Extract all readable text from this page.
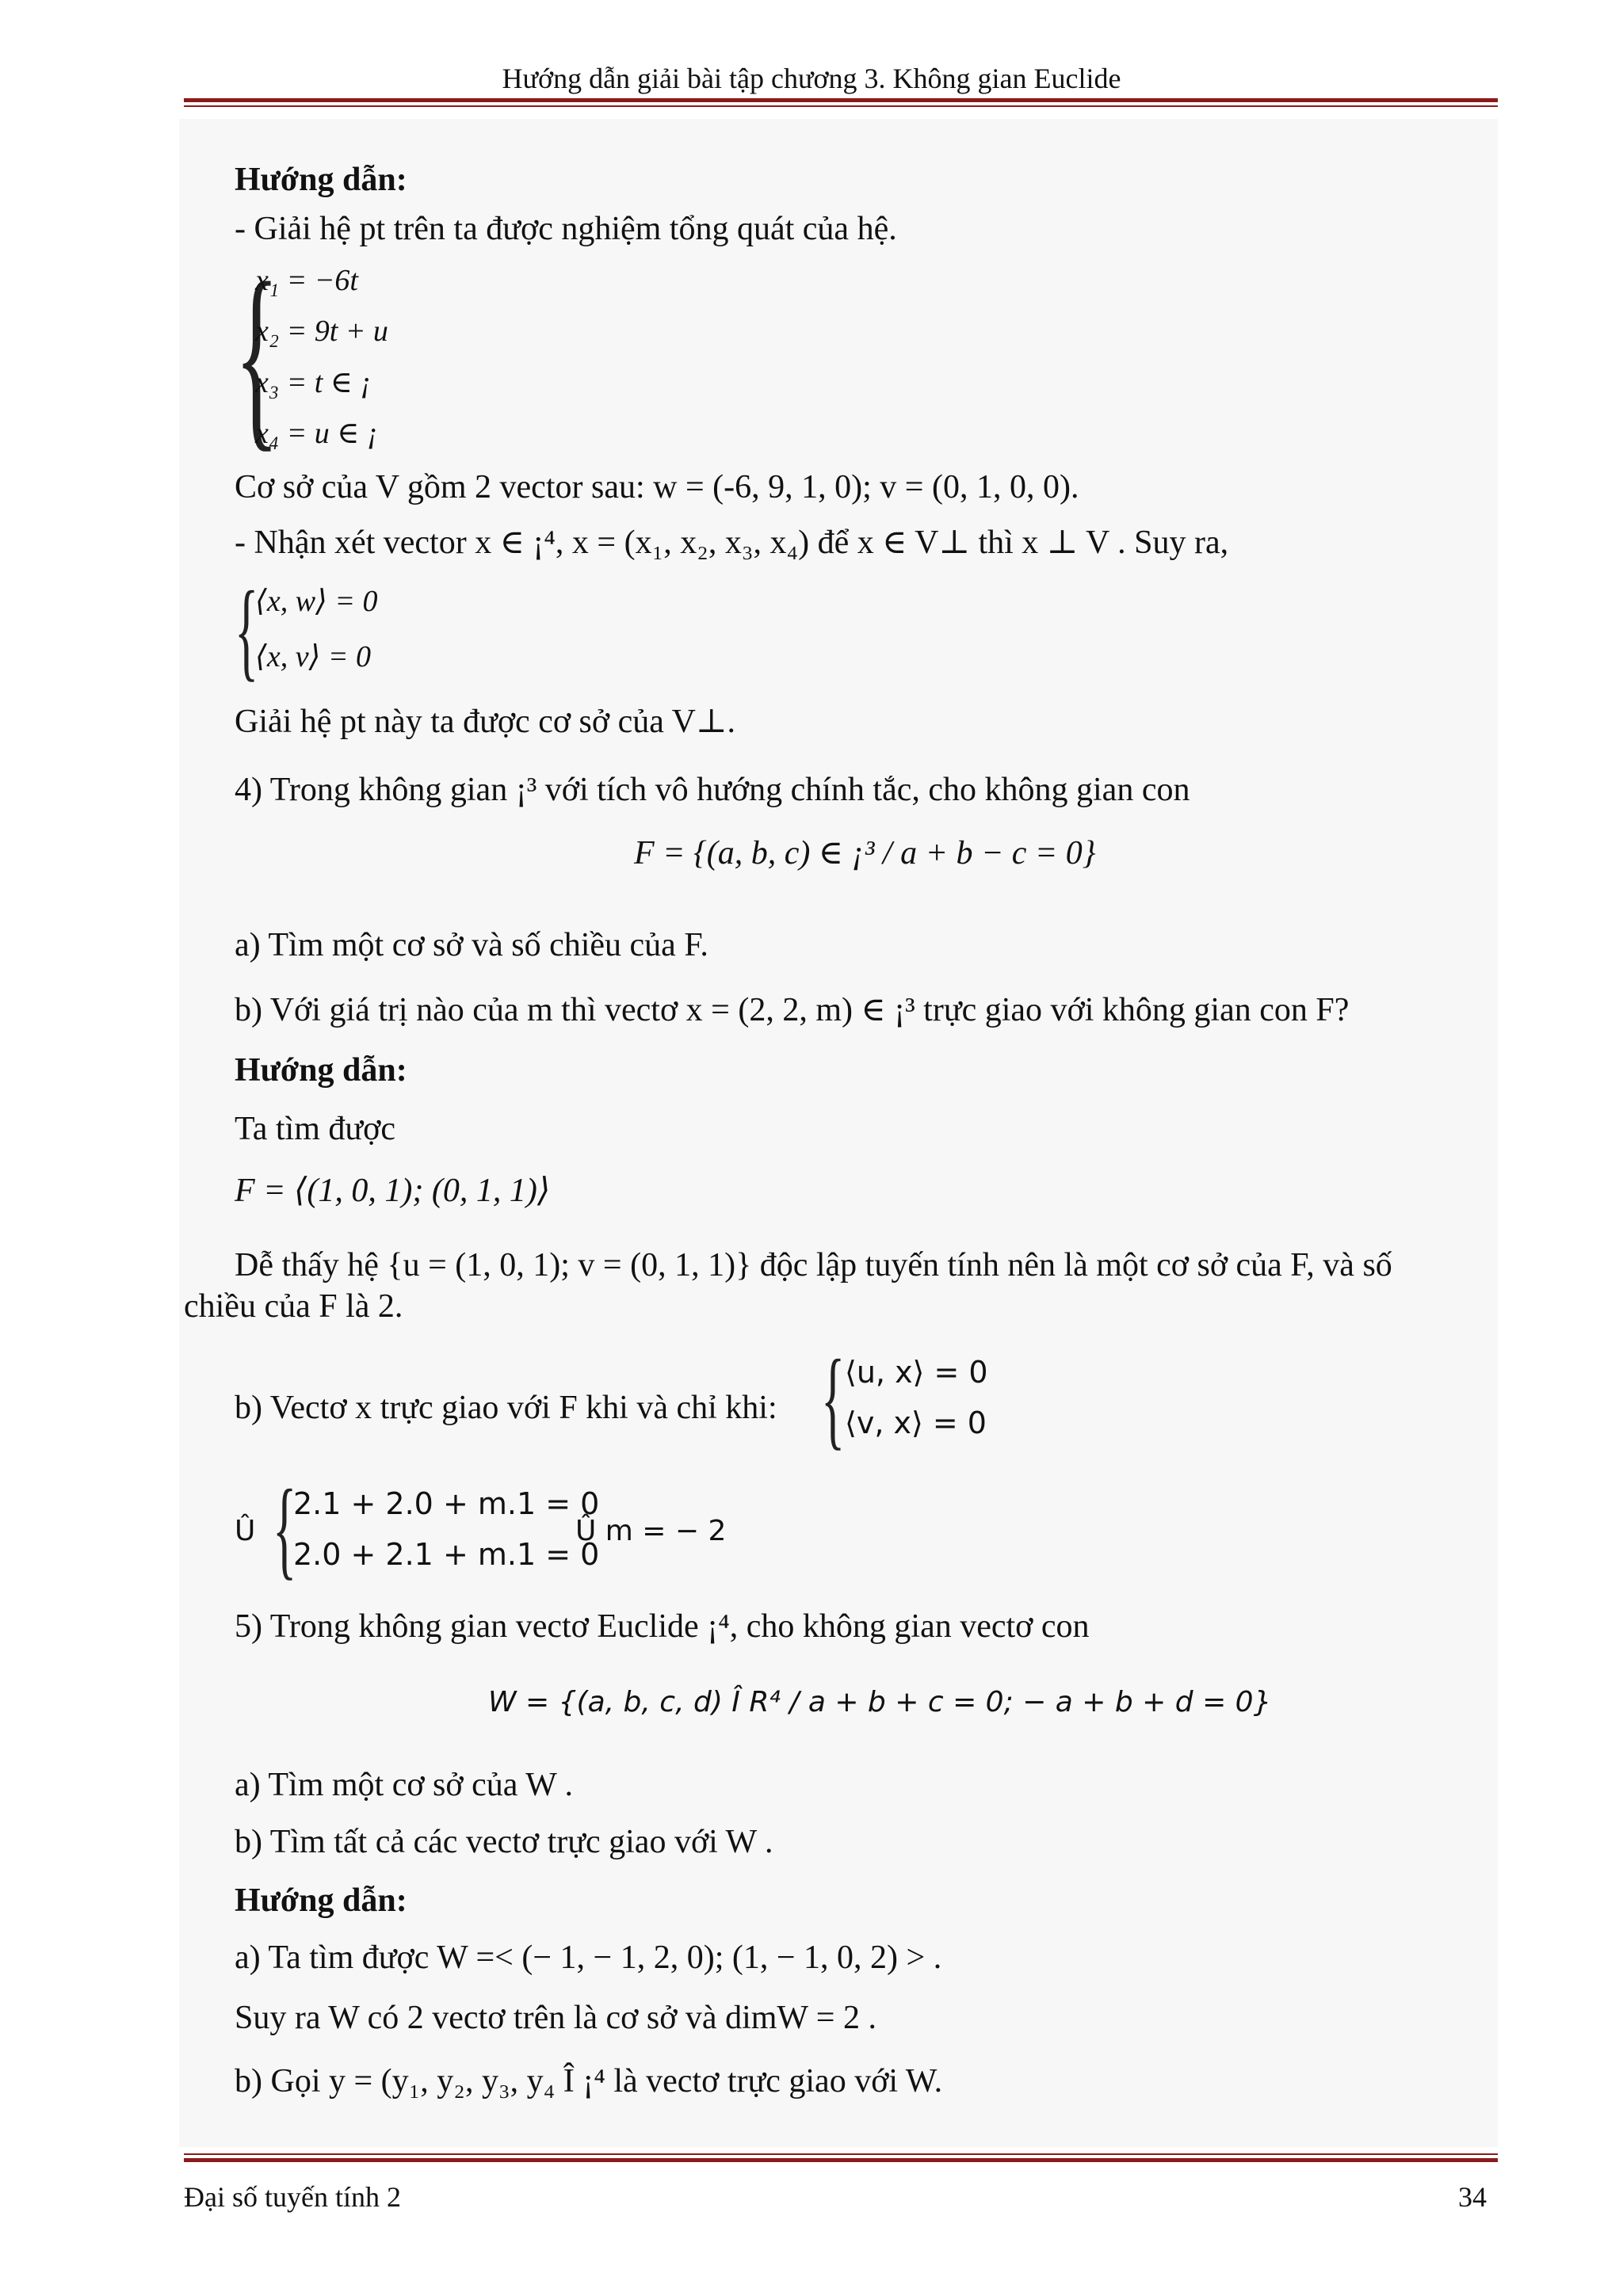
Hướng dẫn giải bài tập chương 3. Không gian Euclide
Hướng dẫn:
- Giải hệ pt trên ta được nghiệm tổng quát của hệ.
{
x₁ = −6t
x₂ = 9t + u
x₃ = t ∈ ¡
x₄ = u ∈ ¡
Cơ sở của V gồm 2 vector sau: w = (-6, 9, 1, 0); v = (0, 1, 0, 0).
- Nhận xét vector x ∈ ¡⁴, x = (x₁, x₂, x₃, x₄) để x ∈ V⊥ thì x ⊥ V . Suy ra,
{
⟨x, w⟩ = 0
⟨x, v⟩ = 0
Giải hệ pt này ta được cơ sở của V⊥.
4) Trong không gian ¡³ với tích vô hướng chính tắc, cho không gian con
F = {(a, b, c) ∈ ¡³ / a + b − c = 0}
a) Tìm một cơ sở và số chiều của F.
b) Với giá trị nào của m thì vectơ x = (2, 2, m) ∈ ¡³ trực giao với không gian con F?
Hướng dẫn:
Ta tìm được
F = ⟨(1, 0, 1); (0, 1, 1)⟩
Dễ thấy hệ {u = (1, 0, 1); v = (0, 1, 1)} độc lập tuyến tính nên là một cơ sở của F, và số
chiều của F là 2.
b) Vectơ x trực giao với F khi và chỉ khi: { ⟨u, x⟩ = 0
⟨v, x⟩ = 0
Û {
2.1 + 2.0 + m.1 = 0
2.0 + 2.1 + m.1 = 0
Û m = − 2
5) Trong không gian vectơ Euclide ¡⁴, cho không gian vectơ con
W = {(a, b, c, d) Î R⁴ / a + b + c = 0; − a + b + d = 0}
a) Tìm một cơ sở của W .
b) Tìm tất cả các vectơ trực giao với W .
Hướng dẫn:
a) Ta tìm được W =< (− 1, − 1, 2, 0); (1, − 1, 0, 2) > .
Suy ra W có 2 vectơ trên là cơ sở và dimW = 2 .
b) Gọi y = (y₁, y₂, y₃, y₄ Î ¡⁴ là vectơ trực giao với W.
Đại số tuyến tính 2	34
